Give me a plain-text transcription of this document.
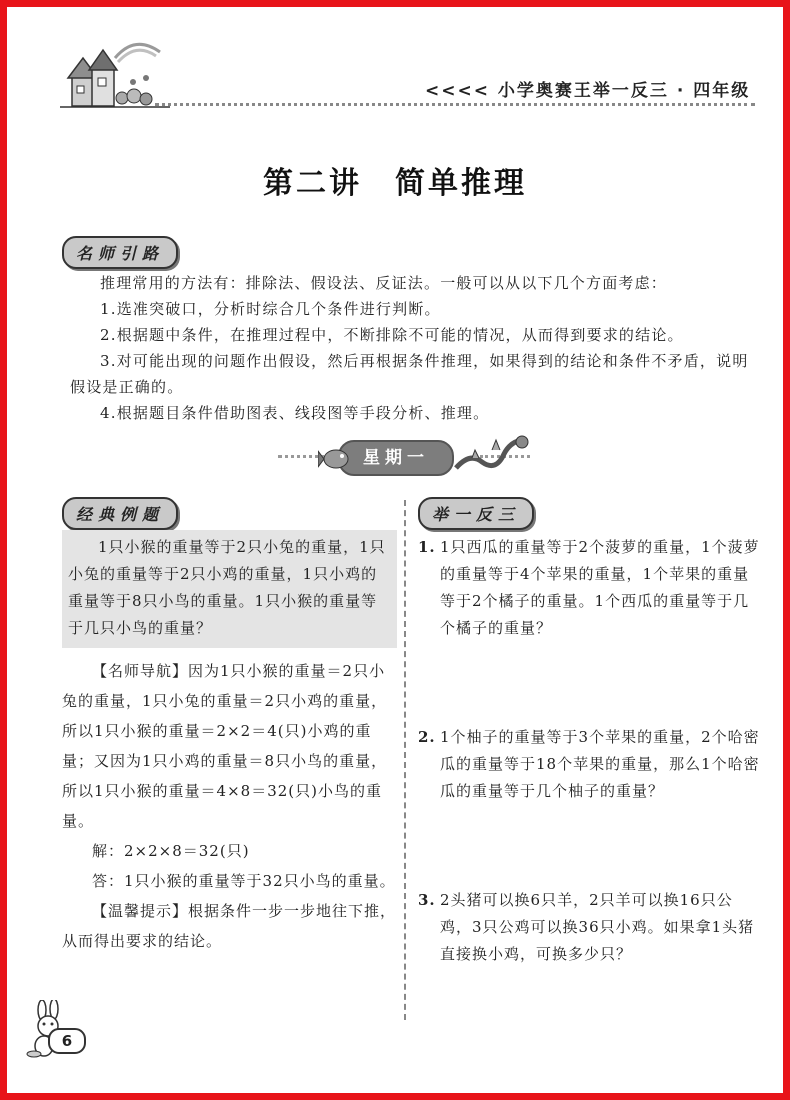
<<<< 小学奥赛王举一反三 · 四年级
第二讲　简单推理
名师引路

推理常用的方法有：排除法、假设法、反证法。一般可以从以下几个方面考虑：

1.选准突破口，分析时综合几个条件进行判断。

2.根据题中条件，在推理过程中，不断排除不可能的情况，从而得到要求的结论。

3.对可能出现的问题作出假设，然后再根据条件推理，如果得到的结论和条件不矛盾，说明假设是正确的。

4.根据题目条件借助图表、线段图等手段分析、推理。

星期一
经典例题

1只小猴的重量等于2只小兔的重量，1只小兔的重量等于2只小鸡的重量，1只小鸡的重量等于8只小鸟的重量。1只小猴的重量等于几只小鸟的重量？

【名师导航】因为1只小猴的重量＝2只小兔的重量，1只小兔的重量＝2只小鸡的重量，所以1只小猴的重量＝2×2＝4(只)小鸡的重量；又因为1只小鸡的重量＝8只小鸟的重量，所以1只小猴的重量＝4×8＝32(只)小鸟的重量。

解：2×2×8＝32(只)

答：1只小猴的重量等于32只小鸟的重量。

【温馨提示】根据条件一步一步地往下推，从而得出要求的结论。

举一反三
1. 1只西瓜的重量等于2个菠萝的重量，1个菠萝的重量等于4个苹果的重量，1个苹果的重量等于2个橘子的重量。1个西瓜的重量等于几个橘子的重量？
2. 1个柚子的重量等于3个苹果的重量，2个哈密瓜的重量等于18个苹果的重量，那么1个哈密瓜的重量等于几个柚子的重量？
3. 2头猪可以换6只羊，2只羊可以换16只公鸡，3只公鸡可以换36只小鸡。如果拿1头猪直接换小鸡，可换多少只？
6
